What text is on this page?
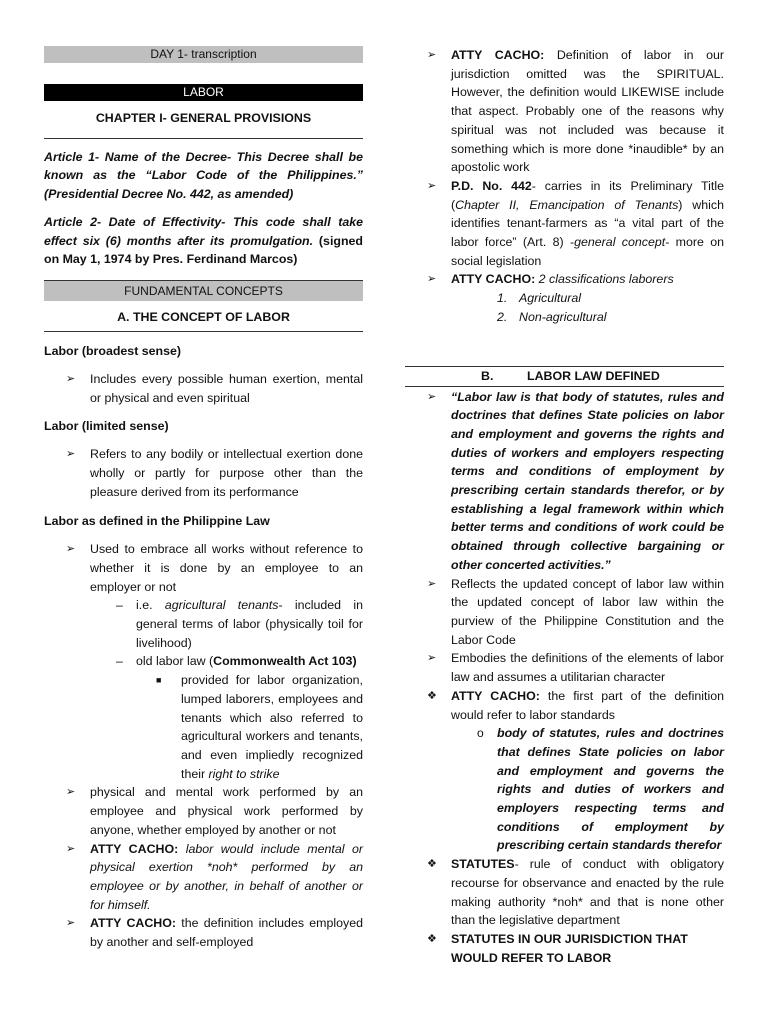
DAY 1- transcription
LABOR
CHAPTER I- GENERAL PROVISIONS

Article 1- Name of the Decree- This Decree shall be known as the “Labor Code of the Philippines.” (Presidential Decree No. 442, as amended)

Article 2- Date of Effectivity- This code shall take effect six (6) months after its promulgation. (signed on May 1, 1974 by Pres. Ferdinand Marcos)

FUNDAMENTAL CONCEPTS
A. THE CONCEPT OF LABOR
Labor (broadest sense)
➢ Includes every possible human exertion, mental or physical and even spiritual
Labor (limited sense)
➢ Refers to any bodily or intellectual exertion done wholly or partly for purpose other than the pleasure derived from its performance
Labor as defined in the Philippine Law
➢ Used to embrace all works without reference to whether it is done by an employee to an employer or not
– i.e. agricultural tenants- included in general terms of labor (physically toil for livelihood)
– old labor law (Commonwealth Act 103)
■ provided for labor organization, lumped laborers, employees and tenants which also referred to agricultural workers and tenants, and even impliedly recognized their right to strike
➢ physical and mental work performed by an employee and physical work performed by anyone, whether employed by another or not
➢ ATTY CACHO: labor would include mental or physical exertion *noh* performed by an employee or by another, in behalf of another or for himself.
➢ ATTY CACHO: the definition includes employed by another and self-employed
➢ ATTY CACHO: Definition of labor in our jurisdiction omitted was the SPIRITUAL. However, the definition would LIKEWISE include that aspect. Probably one of the reasons why spiritual was not included was because it something which is more done *inaudible* by an apostolic work
➢ P.D. No. 442- carries in its Preliminary Title (Chapter II, Emancipation of Tenants) which identifies tenant-farmers as “a vital part of the labor force” (Art. 8) -general concept- more on social legislation
➢ ATTY CACHO: 2 classifications laborers
1. Agricultural
2. Non-agricultural
B.	LABOR LAW DEFINED
➢ “Labor law is that body of statutes, rules and doctrines that defines State policies on labor and employment and governs the rights and duties of workers and employers respecting terms and conditions of employment by prescribing certain standards therefor, or by establishing a legal framework within which better terms and conditions of work could be obtained through collective bargaining or other concerted activities.”
➢ Reflects the updated concept of labor law within the updated concept of labor law within the purview of the Philippine Constitution and the Labor Code
➢ Embodies the definitions of the elements of labor law and assumes a utilitarian character
❖ ATTY CACHO: the first part of the definition would refer to labor standards
o body of statutes, rules and doctrines that defines State policies on labor and employment and governs the rights and duties of workers and employers respecting terms and conditions of employment by prescribing certain standards therefor
❖ STATUTES- rule of conduct with obligatory recourse for observance and enacted by the rule making authority *noh* and that is none other than the legislative department
❖ STATUTES IN OUR JURISDICTION THAT WOULD REFER TO LABOR
